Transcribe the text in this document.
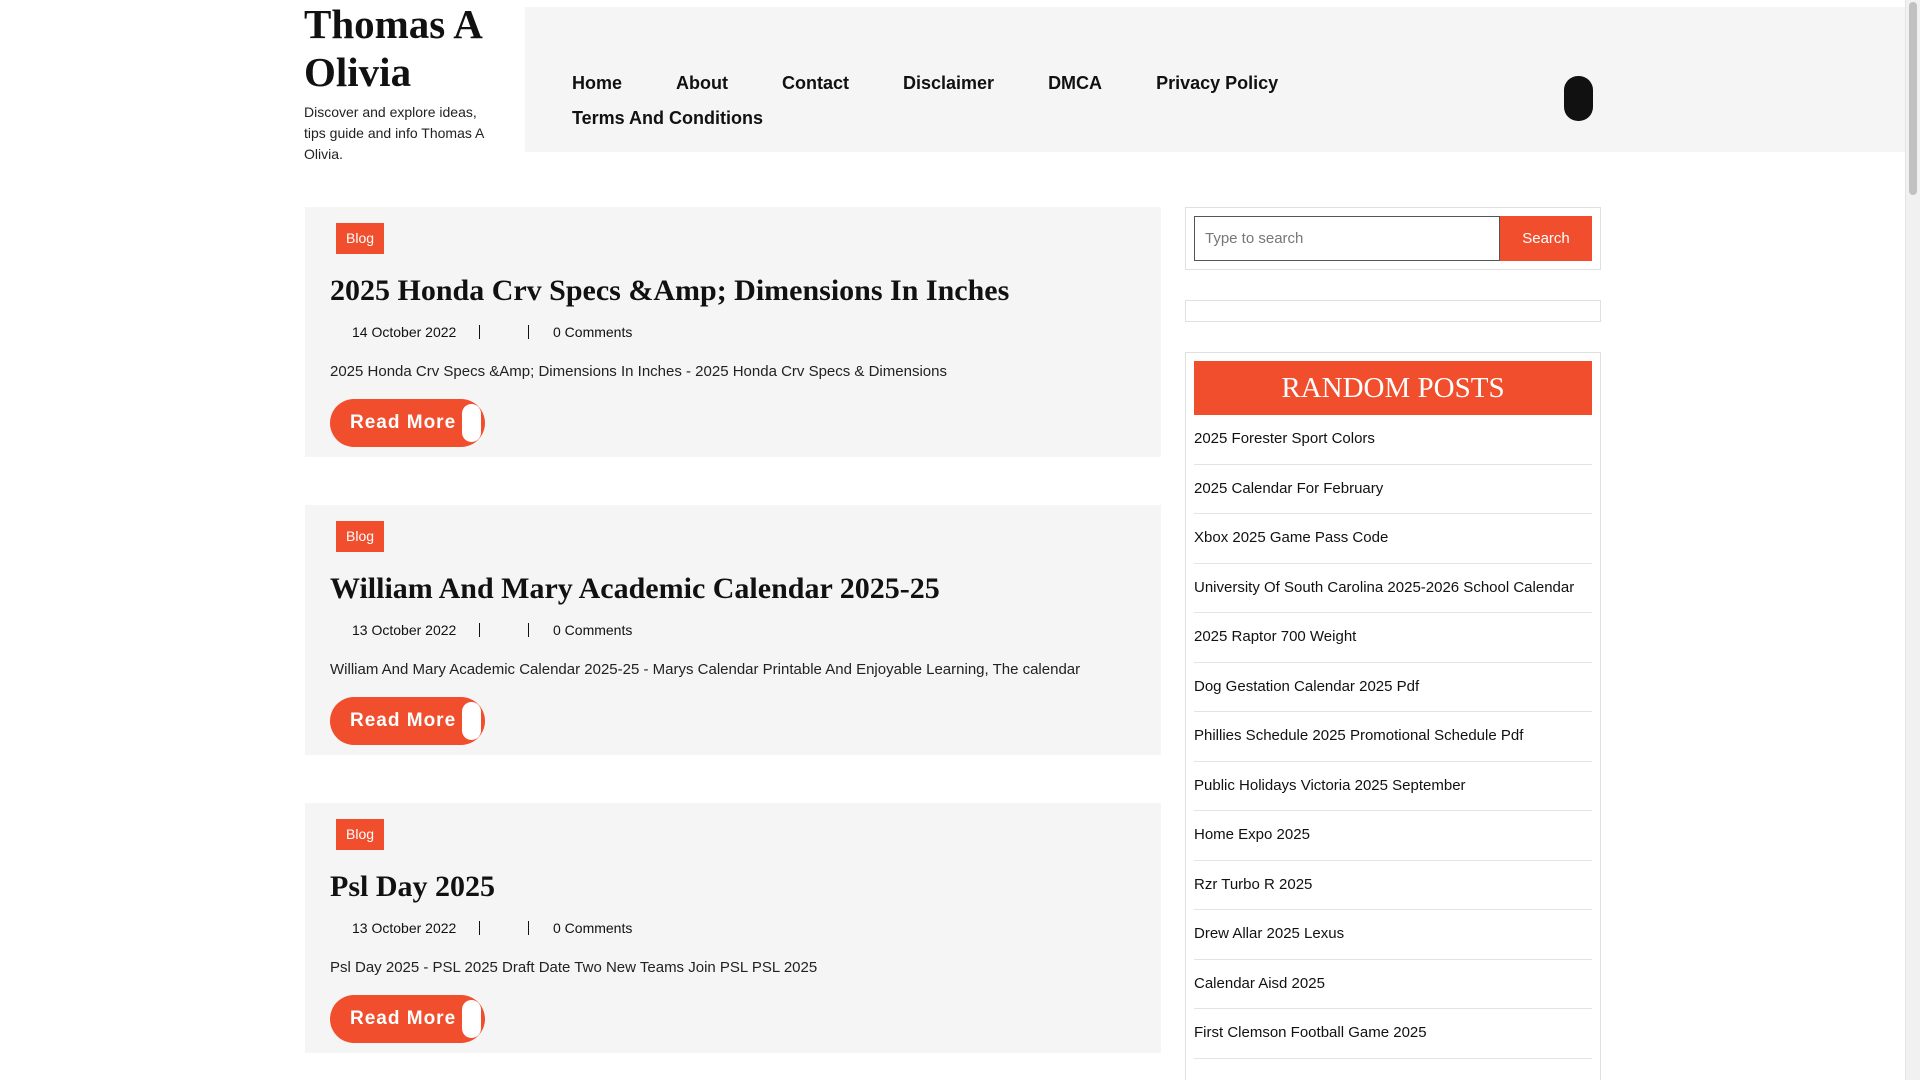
Thomas A Olivia
Discover and explore ideas, tips guide and info Thomas A Olivia.
Home	About	Contact	Disclaimer	DMCA	Privacy Policy
Terms And Conditions
Blog
2025 Honda Crv Specs &Amp; Dimensions In Inches
14 October 2022	0 Comments

2025 Honda Crv Specs &Amp; Dimensions In Inches - 2025 Honda Crv Specs & Dimensions

Read More
Blog
William And Mary Academic Calendar 2025-25
13 October 2022	0 Comments

William And Mary Academic Calendar 2025-25 - Marys Calendar Printable And Enjoyable Learning, The calendar

Read More
Blog
Psl Day 2025
13 October 2022	0 Comments

Psl Day 2025 - PSL 2025 Draft Date Two New Teams Join PSL PSL 2025

Read More
Type to search
Search
RANDOM POSTS
2025 Forester Sport Colors
2025 Calendar For February
Xbox 2025 Game Pass Code
University Of South Carolina 2025-2026 School Calendar
2025 Raptor 700 Weight
Dog Gestation Calendar 2025 Pdf
Phillies Schedule 2025 Promotional Schedule Pdf
Public Holidays Victoria 2025 September
Home Expo 2025
Rzr Turbo R 2025
Drew Allar 2025 Lexus
Calendar Aisd 2025
First Clemson Football Game 2025
